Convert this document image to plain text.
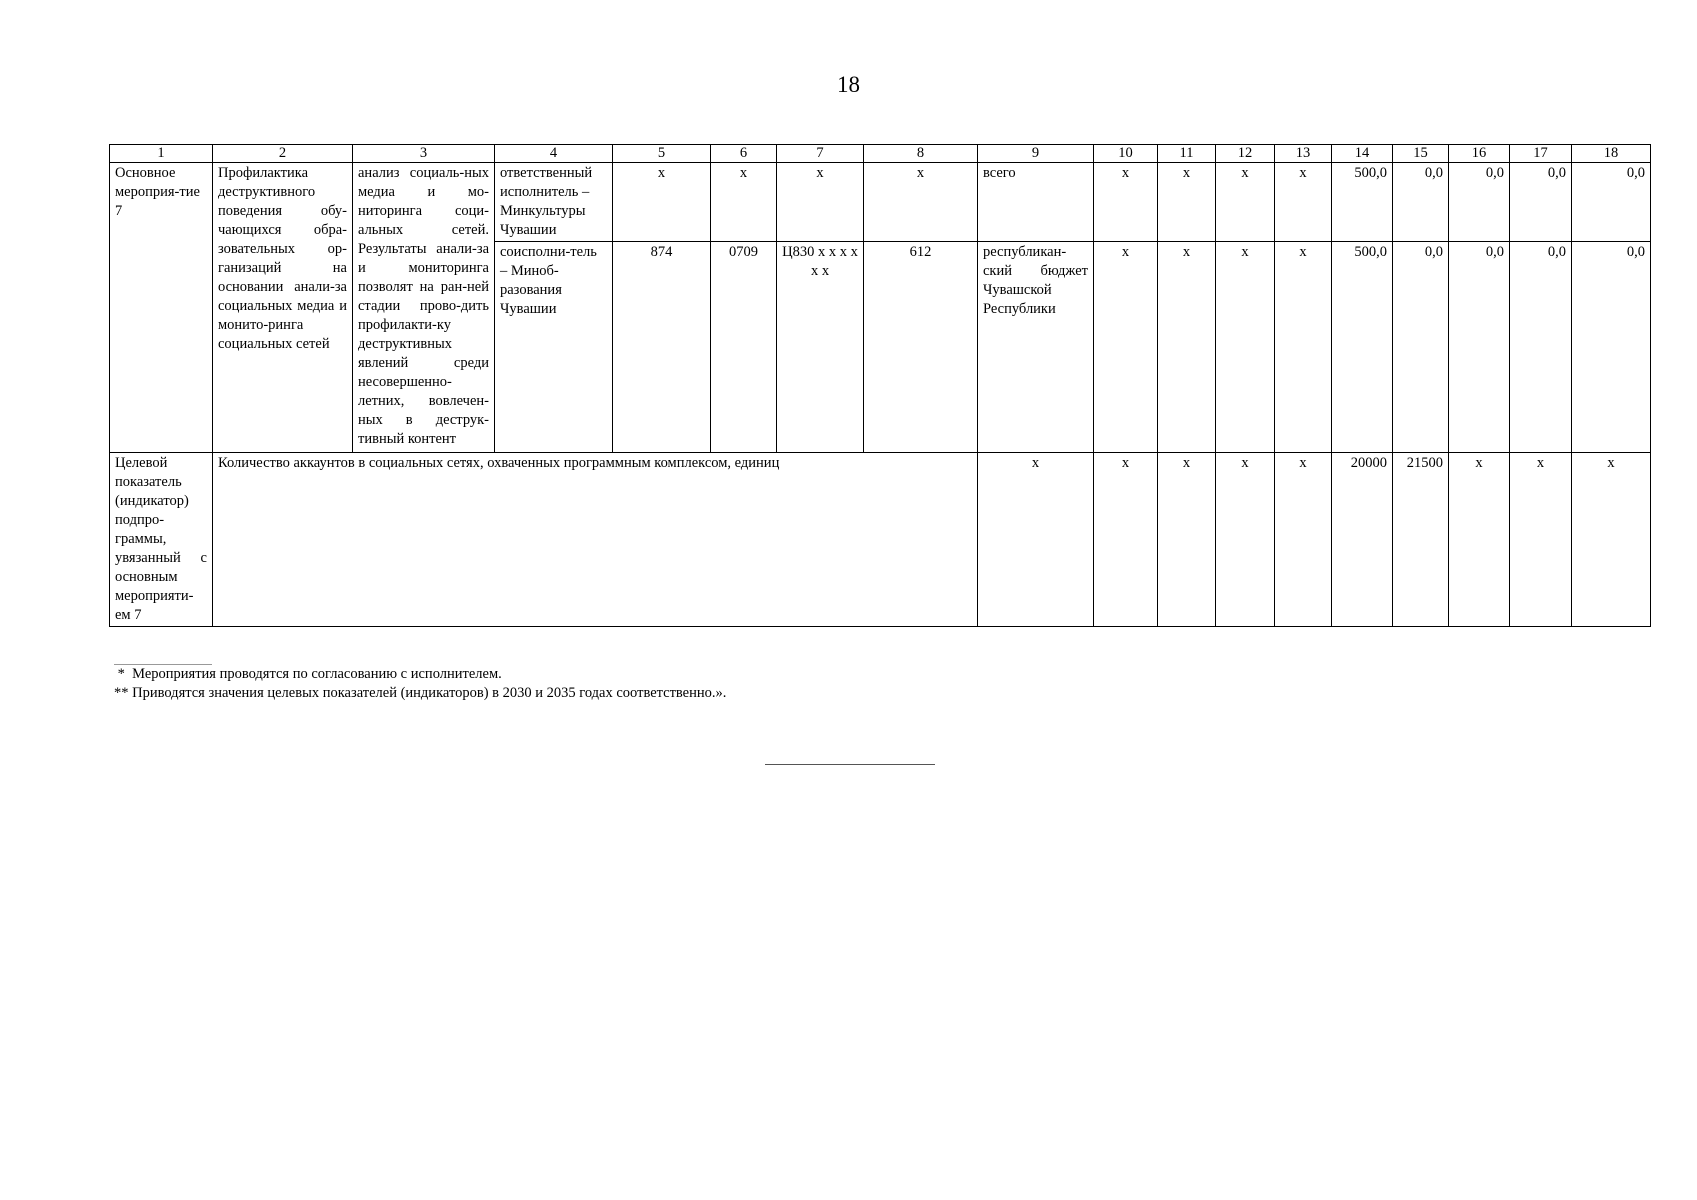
18
1	2	3	4	5	6	7	8	9	10	11	12	13	14	15	16	17	18
Основное мероприя-тие 7	Профилактика деструктивного поведения обу-чающихся обра-зовательных ор-ганизаций на основании анали-за социальных медиа и монито-ринга социальных сетей	анализ социаль-ных медиа и мо-ниторинга соци-альных сетей. Результаты анали-за и мониторинга позволят на ран-ней стадии прово-дить профилакти-ку деструктивных явлений среди несовершенно-летних, вовлечен-ных в деструк-тивный контент	ответственный исполнитель – Минкультуры Чувашии	x	x	x	x	всего	x	x	x	x	500,0	0,0	0,0	0,0	0,0
			соисполни-тель – Миноб-разования Чувашии	874	0709	Ц830 x x x x x x	612	республикан-ский бюджет Чувашской Республики	x	x	x	x	500,0	0,0	0,0	0,0	0,0
Целевой показатель (индикатор) подпро-граммы, увязанный с основным мероприяти-ем 7	Количество аккаунтов в социальных сетях, охваченных программным комплексом, единиц							x	x	x	x	x	20000	21500	x	x	x
*  Мероприятия проводятся по согласованию с исполнителем.
** Приводятся значения целевых показателей (индикаторов) в 2030 и 2035 годах соответственно.».
